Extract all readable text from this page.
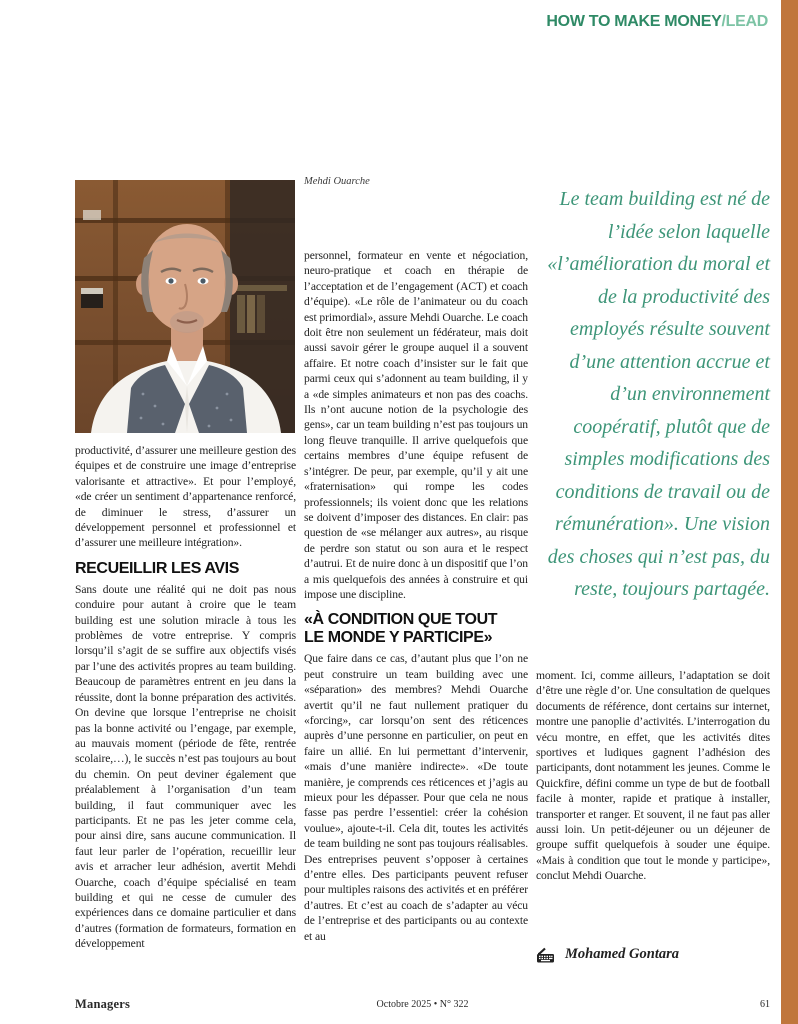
HOW TO MAKE MONEY/LEAD
Mehdi Ouarche

productivité, d’assurer une meilleure gestion des équipes et de construire une image d’entreprise valorisante et attractive». Et pour l’employé, «de créer un sentiment d’appartenance renforcé, de diminuer le stress, d’assurer un développement personnel et professionnel et d’assurer une meilleure intégration».

RECUEILLIR LES AVIS

Sans doute une réalité qui ne doit pas nous conduire pour autant à croire que le team building est une solution miracle à tous les problèmes de votre entreprise. Y compris lorsqu’il s’agit de se suffire aux objectifs visés par l’une des activités propres au team building. Beaucoup de paramètres entrent en jeu dans la réussite, dont la bonne préparation des activités. On devine que lorsque l’entreprise ne choisit pas la bonne activité ou l’engage, par exemple, au mauvais moment (période de fête, rentrée scolaire,…), le succès n’est pas toujours au bout du chemin. On peut deviner également que préalablement à l’organisation d’un team building, il faut communiquer avec les participants. Et ne pas les jeter comme cela, pour ainsi dire, sans aucune communication. Il faut leur parler de l’opération, recueillir leur avis et arracher leur adhésion, avertit Mehdi Ouarche, coach d’équipe spécialisé en team building et qui ne cesse de cumuler des expériences dans ce domaine particulier et dans d’autres (formation de formateurs, formation en développement

personnel, formateur en vente et négociation, neuro-pratique et coach en thérapie de l’acceptation et de l’engagement (ACT) et coach d’équipe). «Le rôle de l’animateur ou du coach est primordial», assure Mehdi Ouarche. Le coach doit être non seulement un fédérateur, mais doit aussi savoir gérer le groupe auquel il a souvent affaire. Et notre coach d’insister sur le fait que parmi ceux qui s’adonnent au team building, il y a «de simples animateurs et non pas des coachs. Ils n’ont aucune notion de la psychologie des gens», car un team building n’est pas toujours un long fleuve tranquille. Il arrive quelquefois que certains membres d’une équipe refusent de s’intégrer. De peur, par exemple, qu’il y ait une «fraternisation» qui rompe les codes professionnels; ils voient donc que les relations se doivent d’imposer des distances. En clair: pas question de «se mélanger aux autres», au risque de perdre son statut ou son aura et le respect d’autrui. Et de nuire donc à un dispositif que l’on a mis quelquefois des années à construire et qui impose une discipline.

«À CONDITION QUE TOUT
LE MONDE Y PARTICIPE»

Que faire dans ce cas, d’autant plus que l’on ne peut construire un team building avec une «séparation» des membres? Mehdi Ouarche avertit qu’il ne faut nullement pratiquer du «forcing», car lorsqu’on sent des réticences auprès d’une personne en particulier, on peut en faire un allié. En lui permettant d’intervenir, «mais d’une manière indirecte». «De toute manière, je comprends ces réticences et j’agis au mieux pour les dépasser. Pour que cela ne nous fasse pas perdre l’essentiel: créer la cohésion voulue», ajoute-t-il. Cela dit, toutes les activités de team building ne sont pas toujours réalisables. Des entreprises peuvent s’opposer à certaines d’entre elles. Des participants peuvent refuser pour multiples raisons des activités et en préférer d’autres. Et c’est au coach de s’adapter au vécu de l’entreprise et des participants ou au contexte et au

Le team building est né de l’idée selon laquelle «l’amélioration du moral et de la productivité des employés résulte souvent d’une attention accrue et d’un environnement coopératif, plutôt que de simples modifications des conditions de travail ou de rémunération». Une vision des choses qui n’est pas, du reste, toujours partagée.

moment. Ici, comme ailleurs, l’adaptation se doit d’être une règle d’or. Une consultation de quelques documents de référence, dont certains sur internet, montre une panoplie d’activités. L’interrogation du vécu montre, en effet, que les activités dites sportives et ludiques gagnent l’adhésion des participants, dont notamment les jeunes. Comme le Quickfire, défini comme un type de but de football facile à monter, rapide et pratique à installer, transporter et ranger. Et souvent, il ne faut pas aller aussi loin. Un petit-déjeuner ou un déjeuner de groupe suffit quelquefois à souder une équipe. «Mais à condition que tout le monde y participe», conclut Mehdi Ouarche.

Mohamed Gontara
Managers	Octobre 2025 • N° 322	61
